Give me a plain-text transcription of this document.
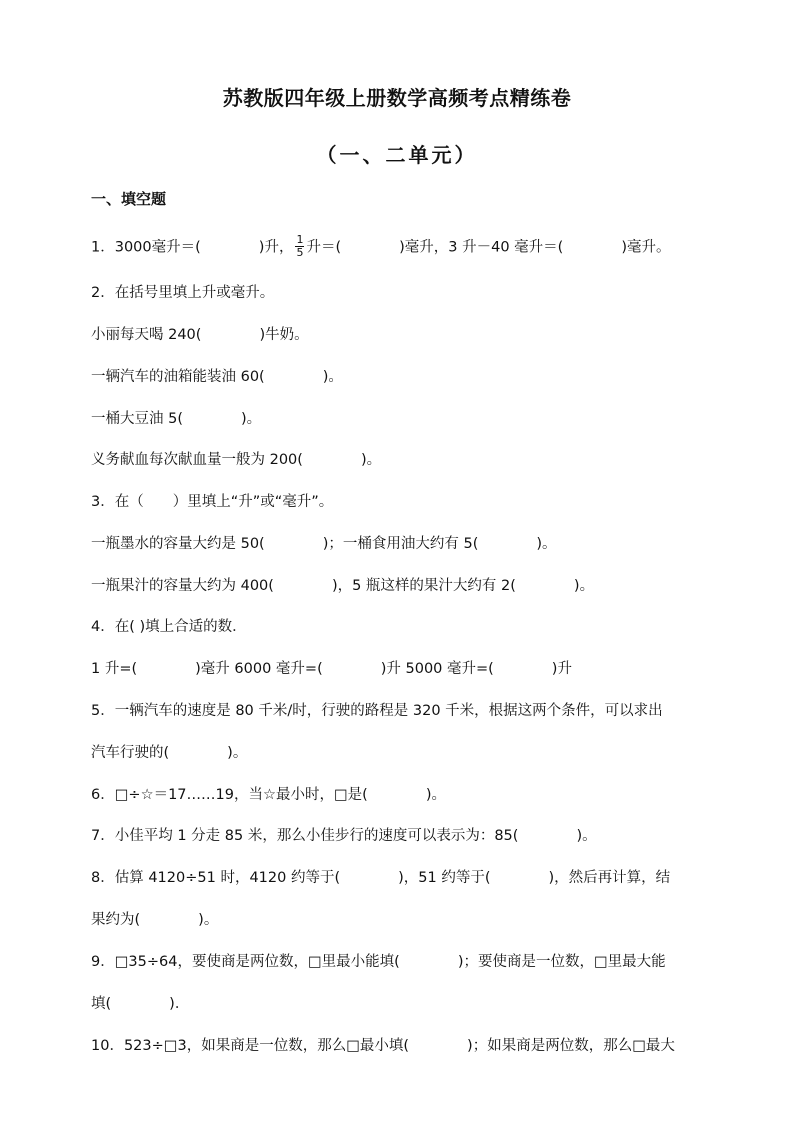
苏教版四年级上册数学高频考点精练卷
（一、二单元）
一、填空题
1．3000毫升＝(　　　　)升， $\frac{1}{5}$ 升＝(　　　　)毫升，3 升－40 毫升＝(　　　　)毫升。
2．在括号里填上升或毫升。
小丽每天喝 240(　　　　)牛奶。
一辆汽车的油箱能装油 60(　　　　)。
一桶大豆油 5(　　　　)。
义务献血每次献血量一般为 200(　　　　)。
3．在（　　）里填上“升”或“毫升”。
一瓶墨水的容量大约是 50(　　　　)；一桶食用油大约有 5(　　　　)。
一瓶果汁的容量大约为 400(　　　　)，5 瓶这样的果汁大约有 2(　　　　)。
4．在( )填上合适的数．
1 升=(　　　　)毫升 6000 毫升=(　　　　)升 5000 毫升=(　　　　)升
5．一辆汽车的速度是 80 千米/时，行驶的路程是 320 千米，根据这两个条件，可以求出
汽车行驶的(　　　　)。
6．□÷☆＝17……19，当☆最小时，□是(　　　　)。
7．小佳平均 1 分走 85 米，那么小佳步行的速度可以表示为：85(　　　　)。
8．估算 4120÷51 时，4120 约等于(　　　　)，51 约等于(　　　　)，然后再计算，结
果约为(　　　　)。
9．□35÷64，要使商是两位数，□里最小能填(　　　　)；要使商是一位数，□里最大能
填(　　　　)．
10．523÷□3，如果商是一位数，那么□最小填(　　　　)；如果商是两位数，那么□最大
